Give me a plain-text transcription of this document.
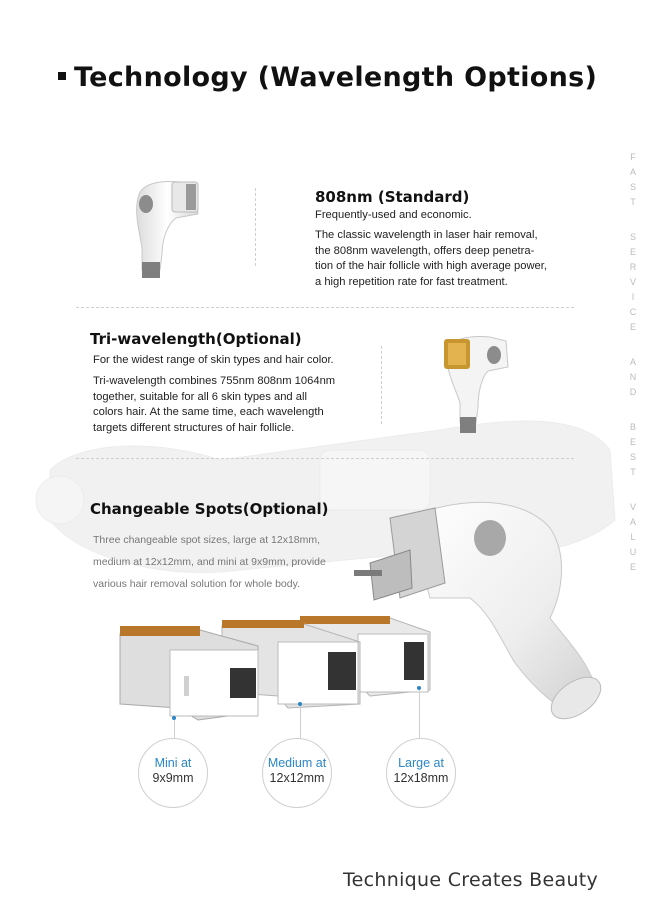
Technology (Wavelength Options)
F
A
S
T
S
E
R
V
I
C
E
A
N
D
B
E
S
T
V
A
L
U
E
808nm (Standard)
Frequently-used and economic.
The classic wavelength in laser hair removal,
the 808nm wavelength, offers deep penetra-
tion of the hair follicle with high average power,
a high repetition rate for fast treatment.
Tri-wavelength(Optional)
For the widest range of skin types and hair color.
Tri-wavelength combines 755nm 808nm 1064nm
together, suitable for all 6 skin types and all
colors hair. At the same time, each wavelength
targets different structures of hair follicle.
Changeable Spots(Optional)
Three changeable spot sizes, large at 12x18mm,
medium at 12x12mm, and mini at 9x9mm, provide
various hair removal solution for whole body.
Mini at
9x9mm
Medium at
12x12mm
Large at
12x18mm
Technique Creates Beauty
